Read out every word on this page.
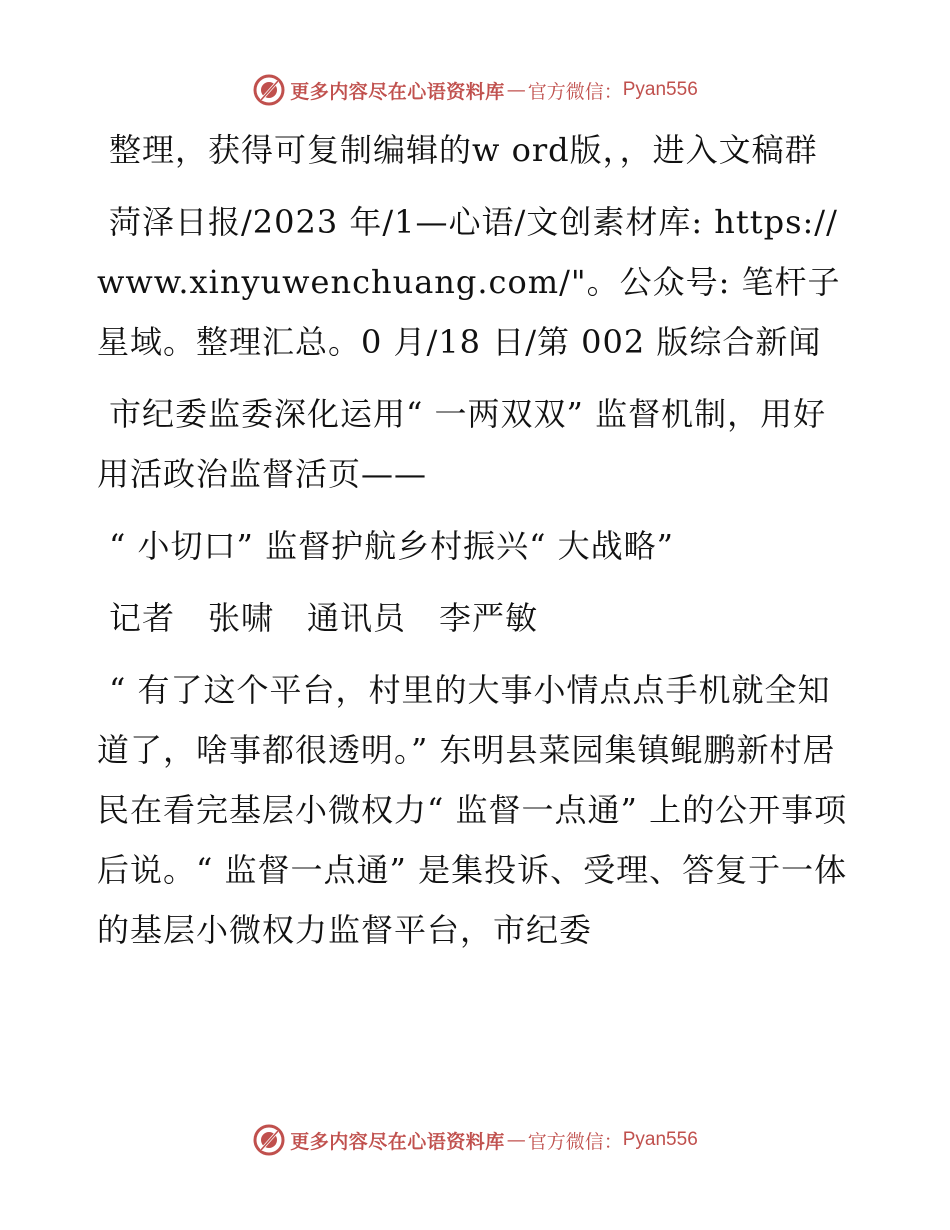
更多内容尽在心语资料库 — 官方微信： Pyan556

整理，获得可复制编辑的w ord版，，进入文稿群

菏泽日报/2023 年/1—心语/文创素材库: https://www.xinyuwenchuang.com/"。公众号: 笔杆子星域。整理汇总。0 月/18 日/第 002 版综合新闻

市纪委监委深化运用“ 一两双双” 监督机制，用好用活政治监督活页——

“ 小切口” 监督护航乡村振兴“ 大战略”

记者　张啸　通讯员　李严敏

“ 有了这个平台，村里的大事小情点点手机就全知道了，啥事都很透明。” 东明县菜园集镇鲲鹏新村居民在看完基层小微权力“ 监督一点通” 上的公开事项后说。“ 监督一点通” 是集投诉、受理、答复于一体的基层小微权力监督平台，市纪委

更多内容尽在心语资料库 — 官方微信： Pyan556
